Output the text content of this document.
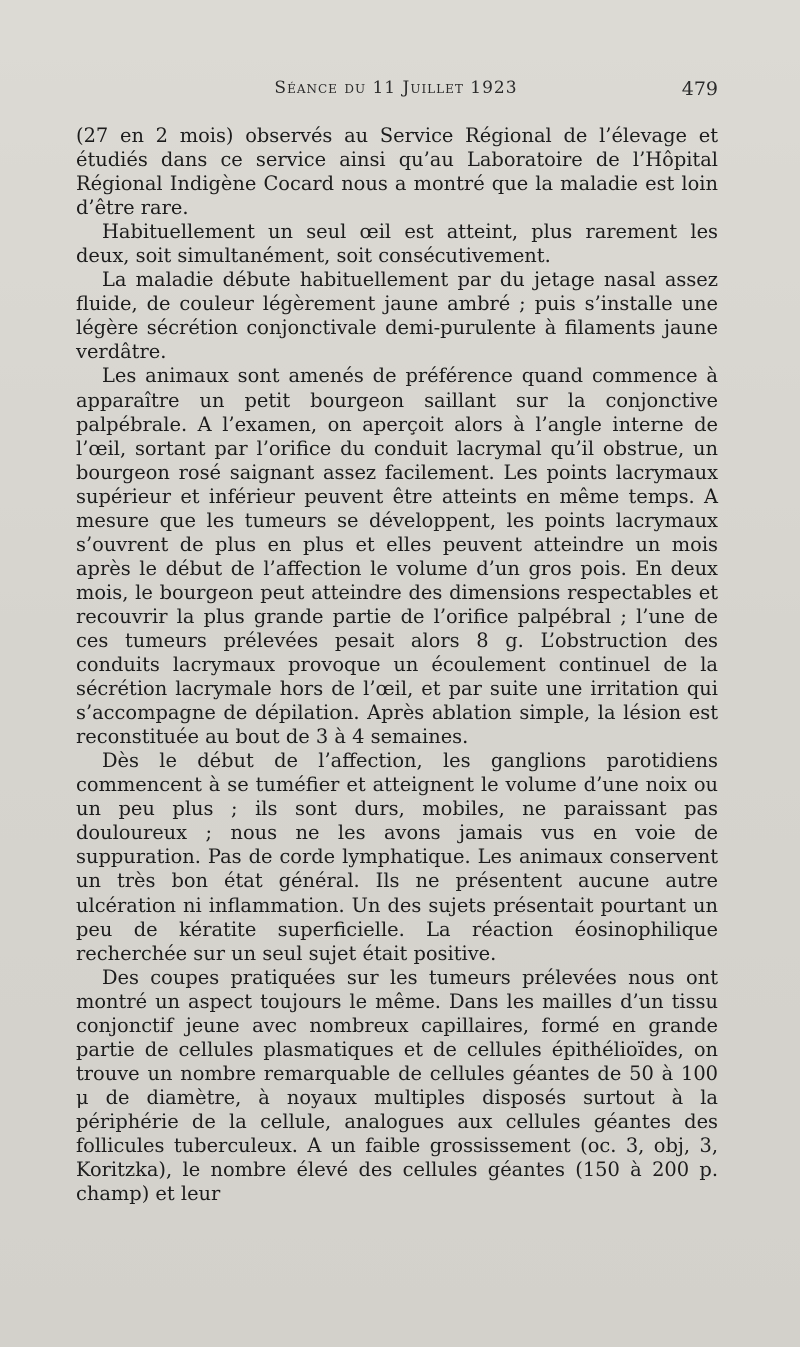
Séance du 11 Juillet 1923	479

(27 en 2 mois) observés au Service Régional de l’élevage et étudiés dans ce service ainsi qu’au Laboratoire de l’Hôpital Régional Indigène Cocard nous a montré que la maladie est loin d’être rare.

Habituellement un seul œil est atteint, plus rarement les deux, soit simultanément, soit consécutivement.

La maladie débute habituellement par du jetage nasal assez fluide, de couleur légèrement jaune ambré ; puis s’installe une légère sécrétion conjonctivale demi-purulente à filaments jaune verdâtre.

Les animaux sont amenés de préférence quand commence à apparaître un petit bourgeon saillant sur la conjonctive palpébrale. A l’examen, on aperçoit alors à l’angle interne de l’œil, sortant par l’orifice du conduit lacrymal qu’il obstrue, un bourgeon rosé saignant assez facilement. Les points lacrymaux supérieur et inférieur peuvent être atteints en même temps. A mesure que les tumeurs se développent, les points lacrymaux s’ouvrent de plus en plus et elles peuvent atteindre un mois après le début de l’affection le volume d’un gros pois. En deux mois, le bourgeon peut atteindre des dimensions respectables et recouvrir la plus grande partie de l’orifice palpébral ; l’une de ces tumeurs prélevées pesait alors 8 g. L’obstruction des conduits lacrymaux provoque un écoulement continuel de la sécrétion lacrymale hors de l’œil, et par suite une irritation qui s’accompagne de dépilation. Après ablation simple, la lésion est reconstituée au bout de 3 à 4 semaines.

Dès le début de l’affection, les ganglions parotidiens commencent à se tuméfier et atteignent le volume d’une noix ou un peu plus ; ils sont durs, mobiles, ne paraissant pas douloureux ; nous ne les avons jamais vus en voie de suppuration. Pas de corde lymphatique. Les animaux conservent un très bon état général. Ils ne présentent aucune autre ulcération ni inflammation. Un des sujets présentait pourtant un peu de kératite superficielle. La réaction éosinophilique recherchée sur un seul sujet était positive.

Des coupes pratiquées sur les tumeurs prélevées nous ont montré un aspect toujours le même. Dans les mailles d’un tissu conjonctif jeune avec nombreux capillaires, formé en grande partie de cellules plasmatiques et de cellules épithélioïdes, on trouve un nombre remarquable de cellules géantes de 50 à 100 μ de diamètre, à noyaux multiples disposés surtout à la périphérie de la cellule, analogues aux cellules géantes des follicules tuberculeux. A un faible grossissement (oc. 3, obj, 3, Koritzka), le nombre élevé des cellules géantes (150 à 200 p. champ) et leur
